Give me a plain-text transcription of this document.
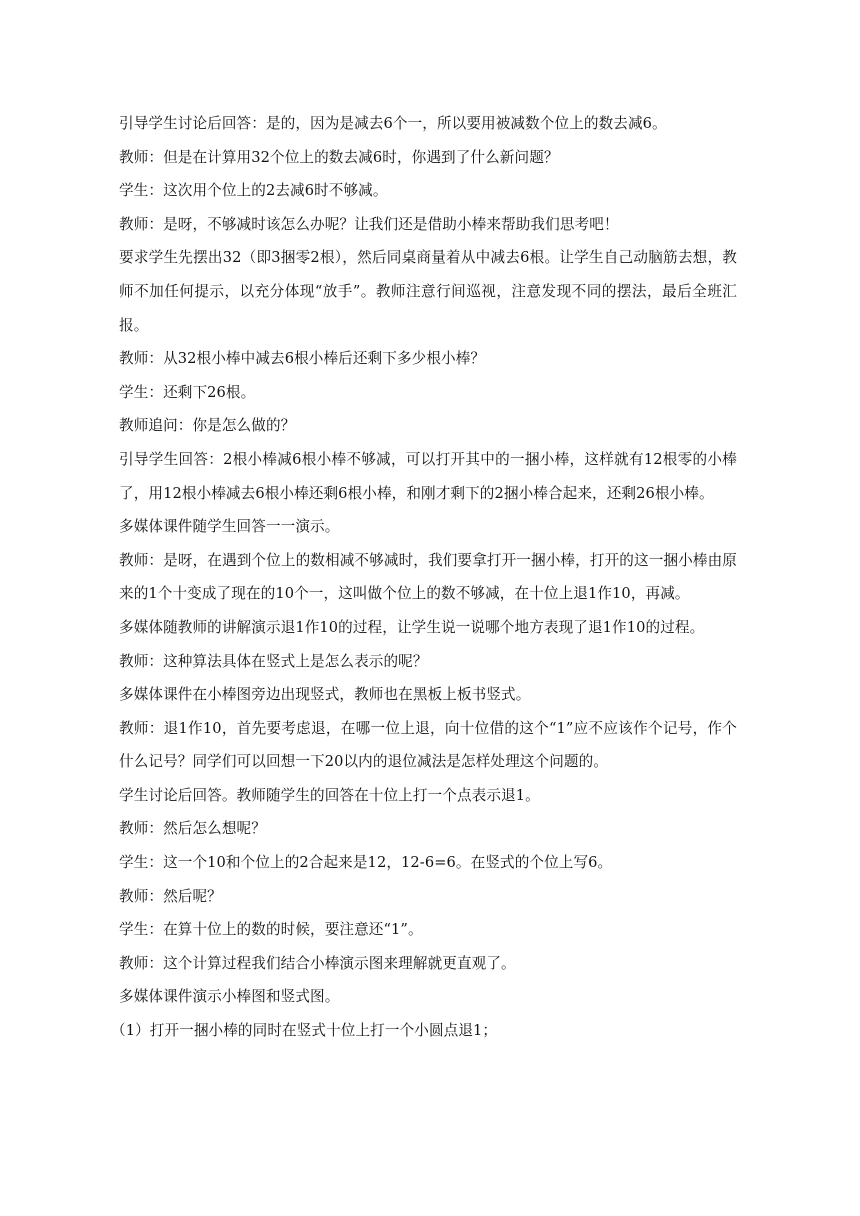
引导学生讨论后回答：是的，因为是减去6个一，所以要用被减数个位上的数去减6。

教师：但是在计算用32个位上的数去减6时，你遇到了什么新问题？

学生：这次用个位上的2去减6时不够减。

教师：是呀，不够减时该怎么办呢？让我们还是借助小棒来帮助我们思考吧！

要求学生先摆出32（即3捆零2根），然后同桌商量着从中减去6根。让学生自己动脑筋去想，教师不加任何提示，以充分体现“放手”。教师注意行间巡视，注意发现不同的摆法，最后全班汇报。

教师：从32根小棒中减去6根小棒后还剩下多少根小棒？

学生：还剩下26根。

教师追问：你是怎么做的？

引导学生回答：2根小棒减6根小棒不够减，可以打开其中的一捆小棒，这样就有12根零的小棒了，用12根小棒减去6根小棒还剩6根小棒，和刚才剩下的2捆小棒合起来，还剩26根小棒。

多媒体课件随学生回答一一演示。

教师：是呀，在遇到个位上的数相减不够减时，我们要拿打开一捆小棒，打开的这一捆小棒由原来的1个十变成了现在的10个一，这叫做个位上的数不够减，在十位上退1作10，再减。

多媒体随教师的讲解演示退1作10的过程，让学生说一说哪个地方表现了退1作10的过程。

教师：这种算法具体在竖式上是怎么表示的呢？

多媒体课件在小棒图旁边出现竖式，教师也在黑板上板书竖式。

教师：退1作10，首先要考虑退，在哪一位上退，向十位借的这个“1”应不应该作个记号，作个什么记号？同学们可以回想一下20以内的退位减法是怎样处理这个问题的。

学生讨论后回答。教师随学生的回答在十位上打一个点表示退1。

教师：然后怎么想呢？

学生：这一个10和个位上的2合起来是12，12-6=6。在竖式的个位上写6。

教师：然后呢？

学生：在算十位上的数的时候，要注意还“1”。

教师：这个计算过程我们结合小棒演示图来理解就更直观了。

多媒体课件演示小棒图和竖式图。

（1）打开一捆小棒的同时在竖式十位上打一个小圆点退1；
